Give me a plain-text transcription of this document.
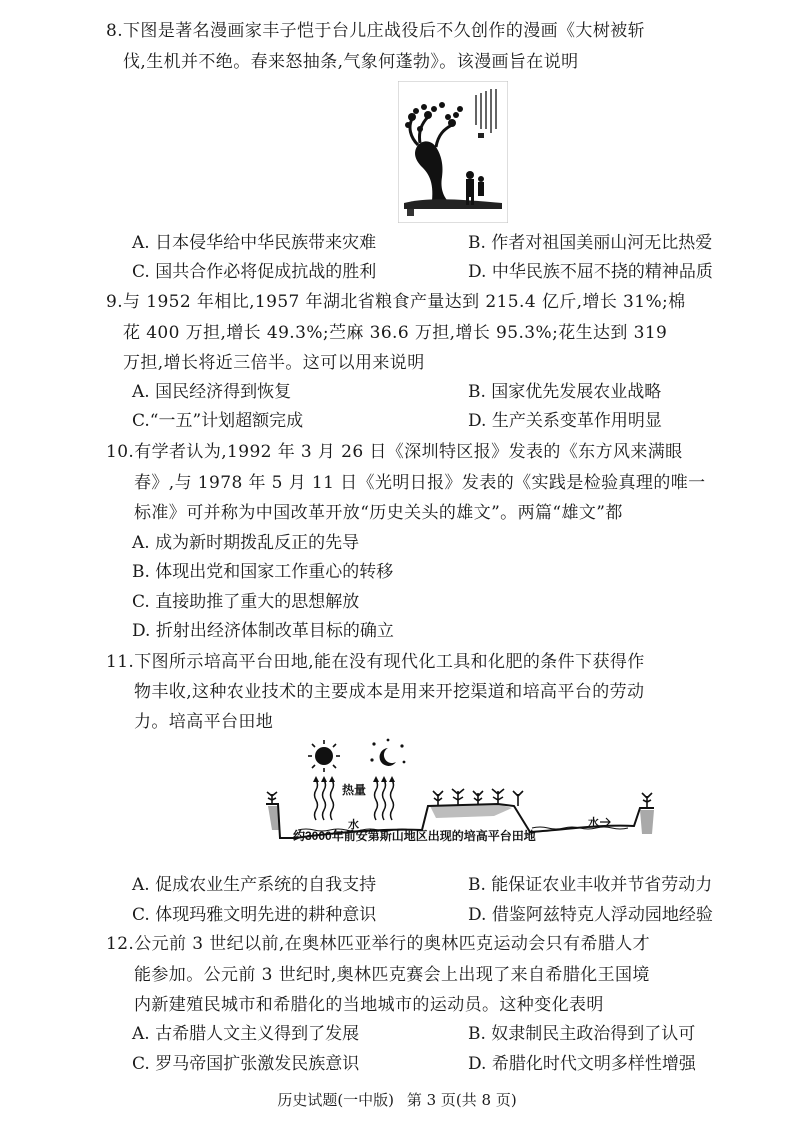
8.下图是著名漫画家丰子恺于台儿庄战役后不久创作的漫画《大树被斩
伐,生机并不绝。春来怒抽条,气象何蓬勃》。该漫画旨在说明
A. 日本侵华给中华民族带来灾难	B. 作者对祖国美丽山河无比热爱
C. 国共合作必将促成抗战的胜利	D. 中华民族不屈不挠的精神品质
9.与 1952 年相比,1957 年湖北省粮食产量达到 215.4 亿斤,增长 31%;棉
花 400 万担,增长 49.3%;苎麻 36.6 万担,增长 95.3%;花生达到 319
万担,增长将近三倍半。这可以用来说明
A. 国民经济得到恢复	B. 国家优先发展农业战略
C.“一五”计划超额完成	D. 生产关系变革作用明显
10.有学者认为,1992 年 3 月 26 日《深圳特区报》发表的《东方风来满眼
春》,与 1978 年 5 月 11 日《光明日报》发表的《实践是检验真理的唯一
标准》可并称为中国改革开放“历史关头的雄文”。两篇“雄文”都
A. 成为新时期拨乱反正的先导
B. 体现出党和国家工作重心的转移
C. 直接助推了重大的思想解放
D. 折射出经济体制改革目标的确立
11.下图所示培高平台田地,能在没有现代化工具和化肥的条件下获得作
物丰收,这种农业技术的主要成本是用来开挖渠道和培高平台的劳动
力。培高平台田地
热量
水	水
约3000年前安第斯山地区出现的培高平台田地
A. 促成农业生产系统的自我支持	B. 能保证农业丰收并节省劳动力
C. 体现玛雅文明先进的耕种意识	D. 借鉴阿兹特克人浮动园地经验
12.公元前 3 世纪以前,在奥林匹亚举行的奥林匹克运动会只有希腊人才
能参加。公元前 3 世纪时,奥林匹克赛会上出现了来自希腊化王国境
内新建殖民城市和希腊化的当地城市的运动员。这种变化表明
A. 古希腊人文主义得到了发展	B. 奴隶制民主政治得到了认可
C. 罗马帝国扩张激发民族意识	D. 希腊化时代文明多样性增强
历史试题(一中版) 第 3 页(共 8 页)
